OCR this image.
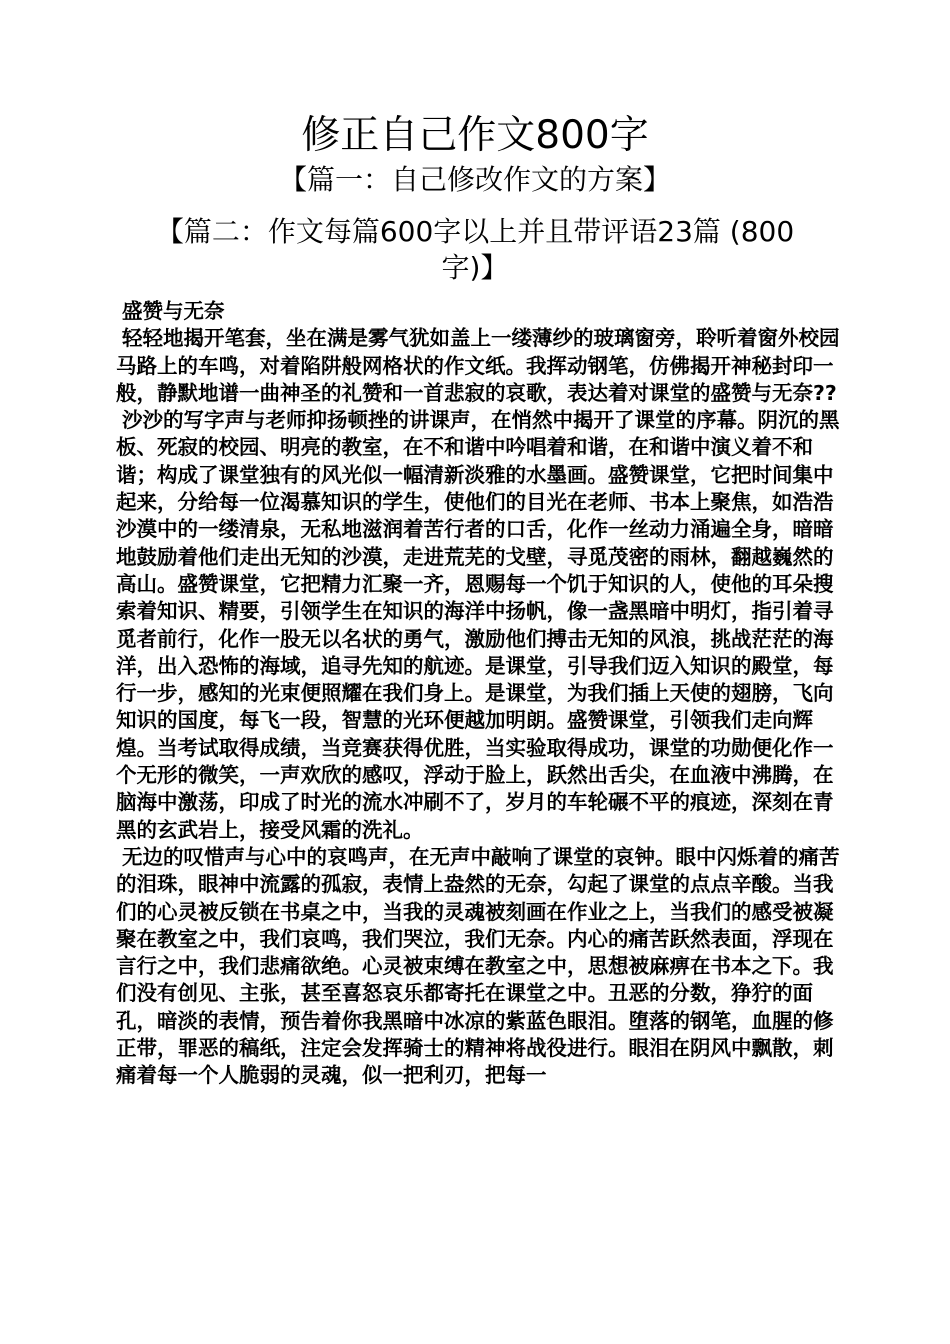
修正自己作文800字
【篇一：自己修改作文的方案】
【篇二：作文每篇600字以上并且带评语23篇 (800字)】

盛赞与无奈

轻轻地揭开笔套，坐在满是雾气犹如盖上一缕薄纱的玻璃窗旁，聆听着窗外校园马路上的车鸣，对着陷阱般网格状的作文纸。我挥动钢笔，仿佛揭开神秘封印一般，静默地谱一曲神圣的礼赞和一首悲寂的哀歌，表达着对课堂的盛赞与无奈??

沙沙的写字声与老师抑扬顿挫的讲课声，在悄然中揭开了课堂的序幕。阴沉的黑板、死寂的校园、明亮的教室，在不和谐中吟唱着和谐，在和谐中演义着不和谐；构成了课堂独有的风光似一幅清新淡雅的水墨画。盛赞课堂，它把时间集中起来，分给每一位渴慕知识的学生，使他们的目光在老师、书本上聚焦，如浩浩沙漠中的一缕清泉，无私地滋润着苦行者的口舌，化作一丝动力涌遍全身，暗暗地鼓励着他们走出无知的沙漠，走进荒芜的戈壁，寻觅茂密的雨林，翻越巍然的高山。盛赞课堂，它把精力汇聚一齐，恩赐每一个饥于知识的人，使他的耳朵搜索着知识、精要，引领学生在知识的海洋中扬帆，像一盏黑暗中明灯，指引着寻觅者前行，化作一股无以名状的勇气，激励他们搏击无知的风浪，挑战茫茫的海洋，出入恐怖的海域，追寻先知的航迹。是课堂，引导我们迈入知识的殿堂，每行一步，感知的光束便照耀在我们身上。是课堂，为我们插上天使的翅膀，飞向知识的国度，每飞一段，智慧的光环便越加明朗。盛赞课堂，引领我们走向辉煌。当考试取得成绩，当竞赛获得优胜，当实验取得成功，课堂的功勋便化作一个无形的微笑，一声欢欣的感叹，浮动于脸上，跃然出舌尖，在血液中沸腾，在脑海中激荡，印成了时光的流水冲刷不了，岁月的车轮碾不平的痕迹，深刻在青黑的玄武岩上，接受风霜的洗礼。

无边的叹惜声与心中的哀鸣声，在无声中敲响了课堂的哀钟。眼中闪烁着的痛苦的泪珠，眼神中流露的孤寂，表情上盎然的无奈，勾起了课堂的点点辛酸。当我们的心灵被反锁在书桌之中，当我的灵魂被刻画在作业之上，当我们的感受被凝聚在教室之中，我们哀鸣，我们哭泣，我们无奈。内心的痛苦跃然表面，浮现在言行之中，我们悲痛欲绝。心灵被束缚在教室之中，思想被麻痹在书本之下。我们没有创见、主张，甚至喜怒哀乐都寄托在课堂之中。丑恶的分数，狰狞的面孔，暗淡的表情，预告着你我黑暗中冰凉的紫蓝色眼泪。堕落的钢笔，血腥的修正带，罪恶的稿纸，注定会发挥骑士的精神将战役进行。眼泪在阴风中飘散，刺痛着每一个人脆弱的灵魂，似一把利刃，把每一
